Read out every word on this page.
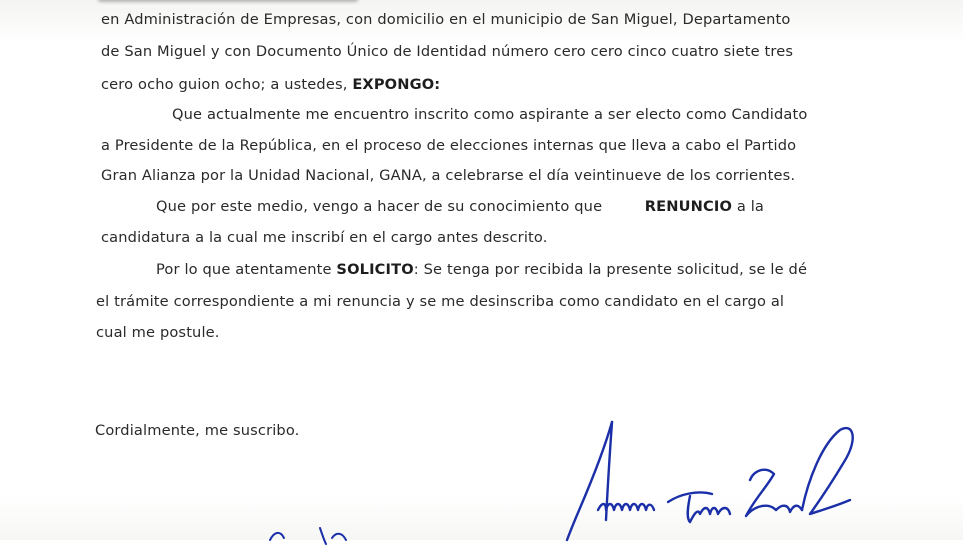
en Administración de Empresas, con domicilio en el municipio de San Miguel, Departamento
de San Miguel y con Documento Único de Identidad número cero cero cinco cuatro siete tres
cero ocho guion ocho; a ustedes, EXPONGO:
Que actualmente me encuentro inscrito como aspirante a ser electo como Candidato
a Presidente de la República, en el proceso de elecciones internas que lleva a cabo el Partido
Gran Alianza por la Unidad Nacional, GANA, a celebrarse el día veintinueve de los corrientes.
Que por este medio, vengo a hacer de su conocimiento que	RENUNCIO a la
candidatura a la cual me inscribí en el cargo antes descrito.
Por lo que atentamente SOLICITO: Se tenga por recibida la presente solicitud, se le dé
el trámite correspondiente a mi renuncia y se me desinscriba como candidato en el cargo al
cual me postule.
Cordialmente, me suscribo.
